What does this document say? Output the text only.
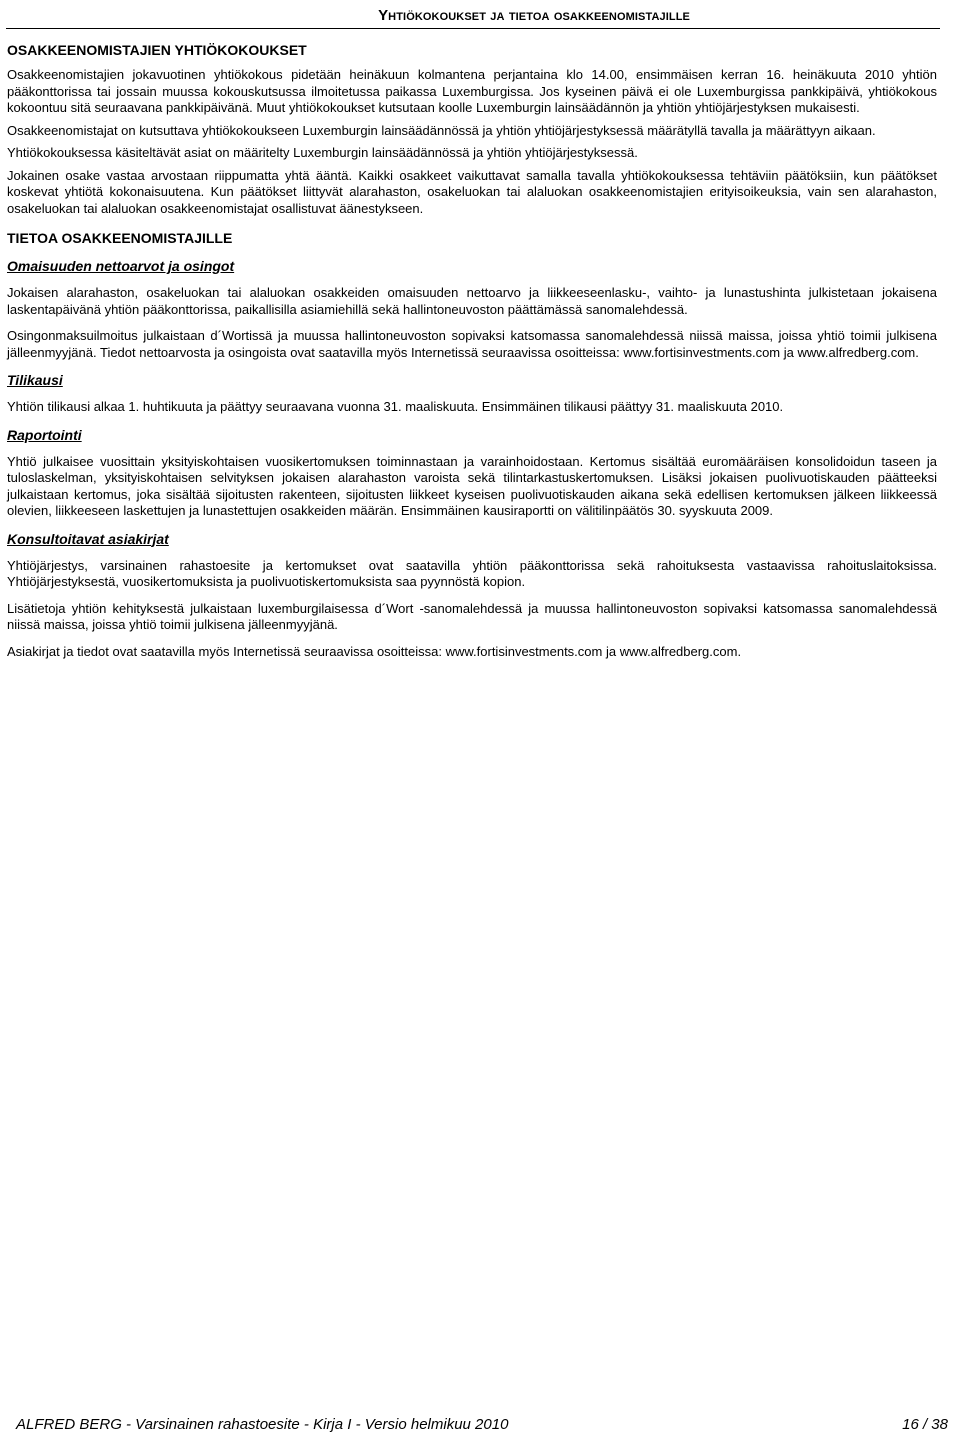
Yhtiökokoukset ja tietoa osakkeenomistajille
OSAKKEENOMISTAJIEN YHTIÖKOKOUKSET

Osakkeenomistajien jokavuotinen yhtiökokous pidetään heinäkuun kolmantena perjantaina klo 14.00, ensimmäisen kerran 16. heinäkuuta 2010 yhtiön pääkonttorissa tai jossain muussa kokouskutsussa ilmoitetussa paikassa Luxemburgissa. Jos kyseinen päivä ei ole Luxemburgissa pankkipäivä, yhtiökokous kokoontuu sitä seuraavana pankkipäivänä. Muut yhtiökokoukset kutsutaan koolle Luxemburgin lainsäädännön ja yhtiön yhtiöjärjestyksen mukaisesti.

Osakkeenomistajat on kutsuttava yhtiökokoukseen Luxemburgin lainsäädännössä ja yhtiön yhtiöjärjestyksessä määrätyllä tavalla ja määrättyyn aikaan.

Yhtiökokouksessa käsiteltävät asiat on määritelty Luxemburgin lainsäädännössä ja yhtiön yhtiöjärjestyksessä.

Jokainen osake vastaa arvostaan riippumatta yhtä ääntä. Kaikki osakkeet vaikuttavat samalla tavalla yhtiökokouksessa tehtäviin päätöksiin, kun päätökset koskevat yhtiötä kokonaisuutena. Kun päätökset liittyvät alarahaston, osakeluokan tai alaluokan osakkeenomistajien erityisoikeuksia, vain sen alarahaston, osakeluokan tai alaluokan osakkeenomistajat osallistuvat äänestykseen.

TIETOA OSAKKEENOMISTAJILLE
Omaisuuden nettoarvot ja osingot

Jokaisen alarahaston, osakeluokan tai alaluokan osakkeiden omaisuuden nettoarvo ja liikkeeseenlasku-, vaihto- ja lunastushinta julkistetaan jokaisena laskentapäivänä yhtiön pääkonttorissa, paikallisilla asiamiehillä sekä hallintoneuvoston päättämässä sanomalehdessä.

Osingonmaksuilmoitus julkaistaan d´Wortissä ja muussa hallintoneuvoston sopivaksi katsomassa sanomalehdessä niissä maissa, joissa yhtiö toimii julkisena jälleenmyyjänä. Tiedot nettoarvosta ja osingoista ovat saatavilla myös Internetissä seuraavissa osoitteissa: www.fortisinvestments.com ja www.alfredberg.com.

Tilikausi

Yhtiön tilikausi alkaa 1. huhtikuuta ja päättyy seuraavana vuonna 31. maaliskuuta. Ensimmäinen tilikausi päättyy 31. maaliskuuta 2010.

Raportointi

Yhtiö julkaisee vuosittain yksityiskohtaisen vuosikertomuksen toiminnastaan ja varainhoidostaan. Kertomus sisältää euromääräisen konsolidoidun taseen ja tuloslaskelman, yksityiskohtaisen selvityksen jokaisen alarahaston varoista sekä tilintarkastuskertomuksen. Lisäksi jokaisen puolivuotiskauden päätteeksi julkaistaan kertomus, joka sisältää sijoitusten rakenteen, sijoitusten liikkeet kyseisen puolivuotiskauden aikana sekä edellisen kertomuksen jälkeen liikkeessä olevien, liikkeeseen laskettujen ja lunastettujen osakkeiden määrän. Ensimmäinen kausiraportti on välitilinpäätös 30. syyskuuta 2009.

Konsultoitavat asiakirjat

Yhtiöjärjestys, varsinainen rahastoesite ja kertomukset ovat saatavilla yhtiön pääkonttorissa sekä rahoituksesta vastaavissa rahoituslaitoksissa. Yhtiöjärjestyksestä, vuosikertomuksista ja puolivuotiskertomuksista saa pyynnöstä kopion.

Lisätietoja yhtiön kehityksestä julkaistaan luxemburgilaisessa d´Wort -sanomalehdessä ja muussa hallintoneuvoston sopivaksi katsomassa sanomalehdessä niissä maissa, joissa yhtiö toimii julkisena jälleenmyyjänä.

Asiakirjat ja tiedot ovat saatavilla myös Internetissä seuraavissa osoitteissa: www.fortisinvestments.com ja www.alfredberg.com.

ALFRED BERG - Varsinainen rahastoesite - Kirja I - Versio helmikuu 2010	16 / 38
